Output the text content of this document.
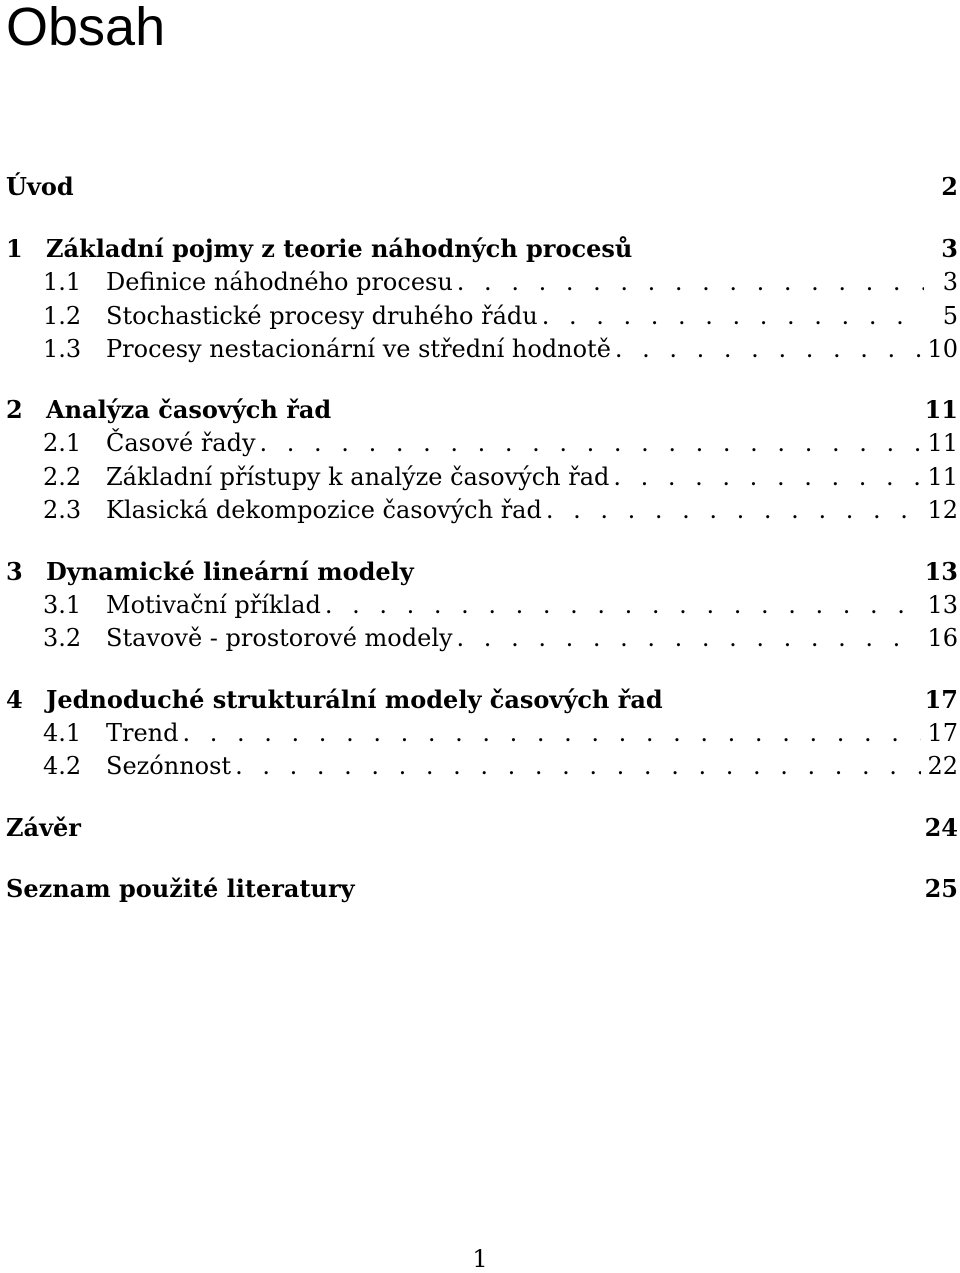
Obsah
Úvod	2
1 Základní pojmy z teorie náhodných procesů	3
1.1	Definice náhodného procesu . . .	3
1.2	Stochastické procesy druhého řádu . . .	5
1.3	Procesy nestacionární ve střední hodnotě . . .	10
2 Analýza časových řad	11
2.1	Časové řady . . .	11
2.2	Základní přístupy k analýze časových řad . . .	11
2.3	Klasická dekompozice časových řad . . .	12
3 Dynamické lineární modely	13
3.1	Motivační příklad . . .	13
3.2	Stavově - prostorové modely . . .	16
4 Jednoduché strukturální modely časových řad	17
4.1	Trend . . .	17
4.2	Sezónnost . . .	22
Závěr	24
Seznam použité literatury	25
1
